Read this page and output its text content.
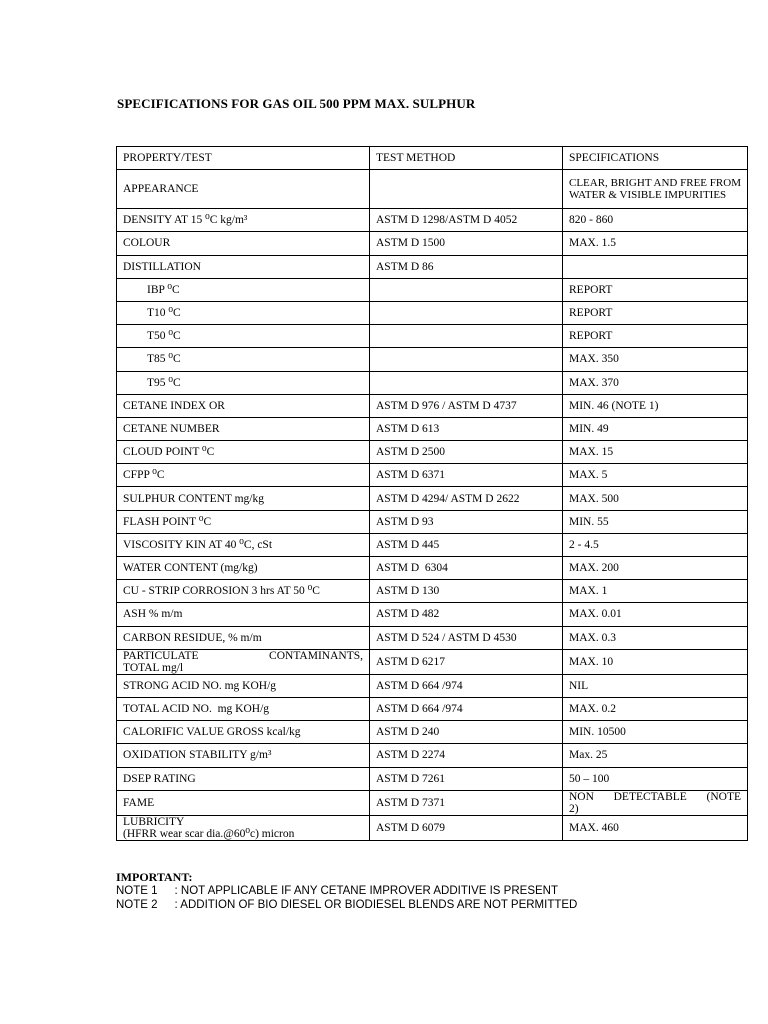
SPECIFICATIONS FOR GAS OIL 500 PPM MAX. SULPHUR
PROPERTY/TEST	TEST METHOD	SPECIFICATIONS
APPEARANCE		CLEAR, BRIGHT AND FREE FROM WATER & VISIBLE IMPURITIES

DENSITY AT 15 ⁰C kg/m³	ASTM D 1298/ASTM D 4052	820 - 860
COLOUR	ASTM D 1500	MAX. 1.5
DISTILLATION	ASTM D 86	
IBP ⁰C		REPORT
T10 ⁰C		REPORT
T50 ⁰C		REPORT
T85 ⁰C		MAX. 350
T95 ⁰C		MAX. 370
CETANE INDEX OR	ASTM D 976 / ASTM D 4737	MIN. 46 (NOTE 1)
CETANE NUMBER	ASTM D 613	MIN. 49
CLOUD POINT ⁰C	ASTM D 2500	MAX. 15
CFPP ⁰C	ASTM D 6371	MAX. 5
SULPHUR CONTENT mg/kg	ASTM D 4294/ ASTM D 2622	MAX. 500
FLASH POINT ⁰C	ASTM D 93	MIN. 55
VISCOSITY KIN AT 40 ⁰C, cSt	ASTM D 445	2 - 4.5
WATER CONTENT (mg/kg)	ASTM D  6304	MAX. 200
CU - STRIP CORROSION 3 hrs AT 50 ⁰C	ASTM D 130	MAX. 1
ASH % m/m	ASTM D 482	MAX. 0.01
CARBON RESIDUE, % m/m	ASTM D 524 / ASTM D 4530	MAX. 0.3

PARTICULATE CONTAMINANTS,
TOTAL mg/l	ASTM D 6217	MAX. 10
STRONG ACID NO. mg KOH/g	ASTM D 664 /974	NIL
TOTAL ACID NO.  mg KOH/g	ASTM D 664 /974	MAX. 0.2
CALORIFIC VALUE GROSS kcal/kg	ASTM D 240	MIN. 10500
OXIDATION STABILITY g/m³	ASTM D 2274	Max. 25
DSEP RATING	ASTM D 7261	50 – 100
FAME	ASTM D 7371	NON DETECTABLE (NOTE
2)

LUBRICITY
(HFRR wear scar dia.@60⁰c) micron	ASTM D 6079	MAX. 460
IMPORTANT:
NOTE 1 : NOT APPLICABLE IF ANY CETANE IMPROVER ADDITIVE IS PRESENT
NOTE 2 : ADDITION OF BIO DIESEL OR BIODIESEL BLENDS ARE NOT PERMITTED
